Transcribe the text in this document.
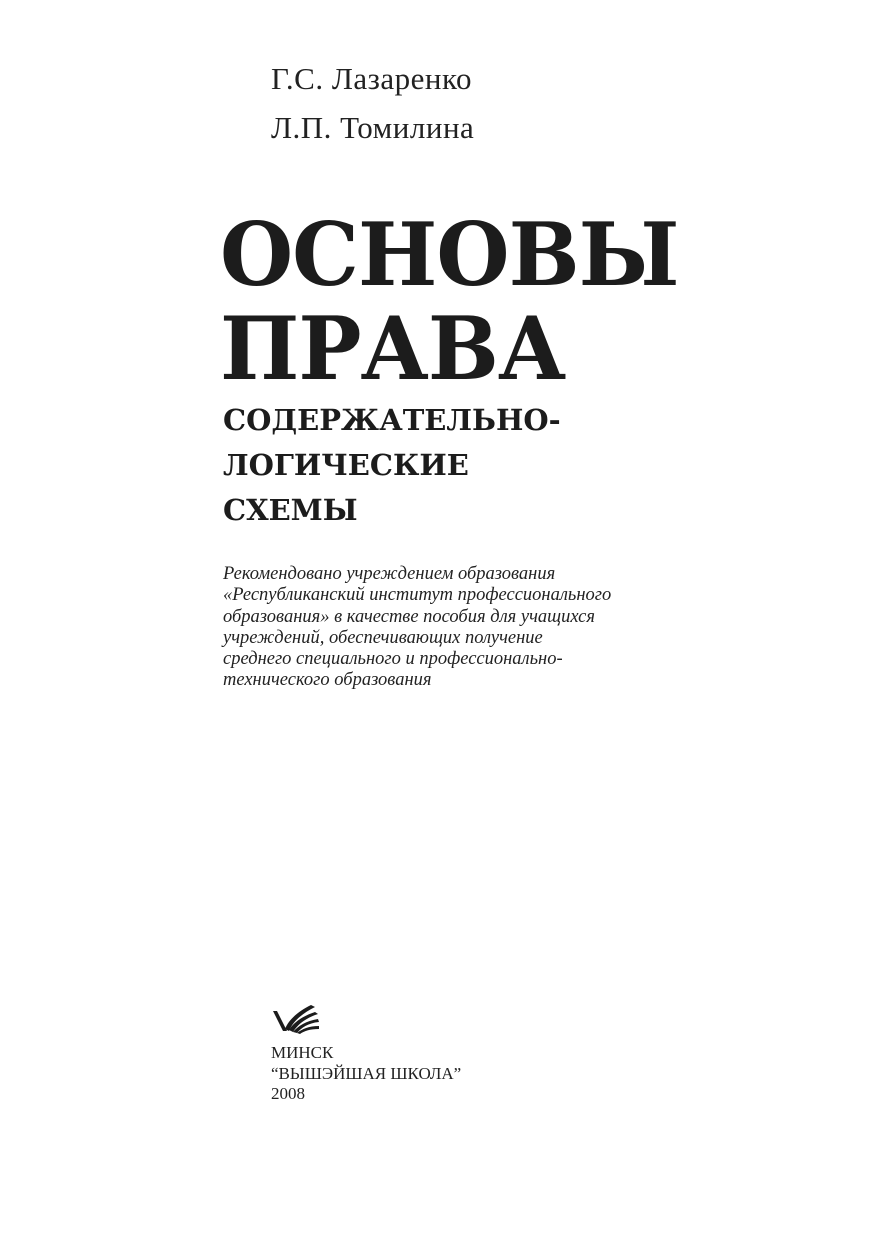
Г.С. Лазаренко
Л.П. Томилина
ОСНОВЫ
ПРАВА
СОДЕРЖАТЕЛЬНО-
ЛОГИЧЕСКИЕ
СХЕМЫ
Рекомендовано учреждением образования
«Республиканский институт профессионального
образования» в качестве пособия для учащихся
учреждений, обеспечивающих получение
среднего специального и профессионально-
технического образования
МИНСК
“ВЫШЭЙШАЯ ШКОЛА”
2008
